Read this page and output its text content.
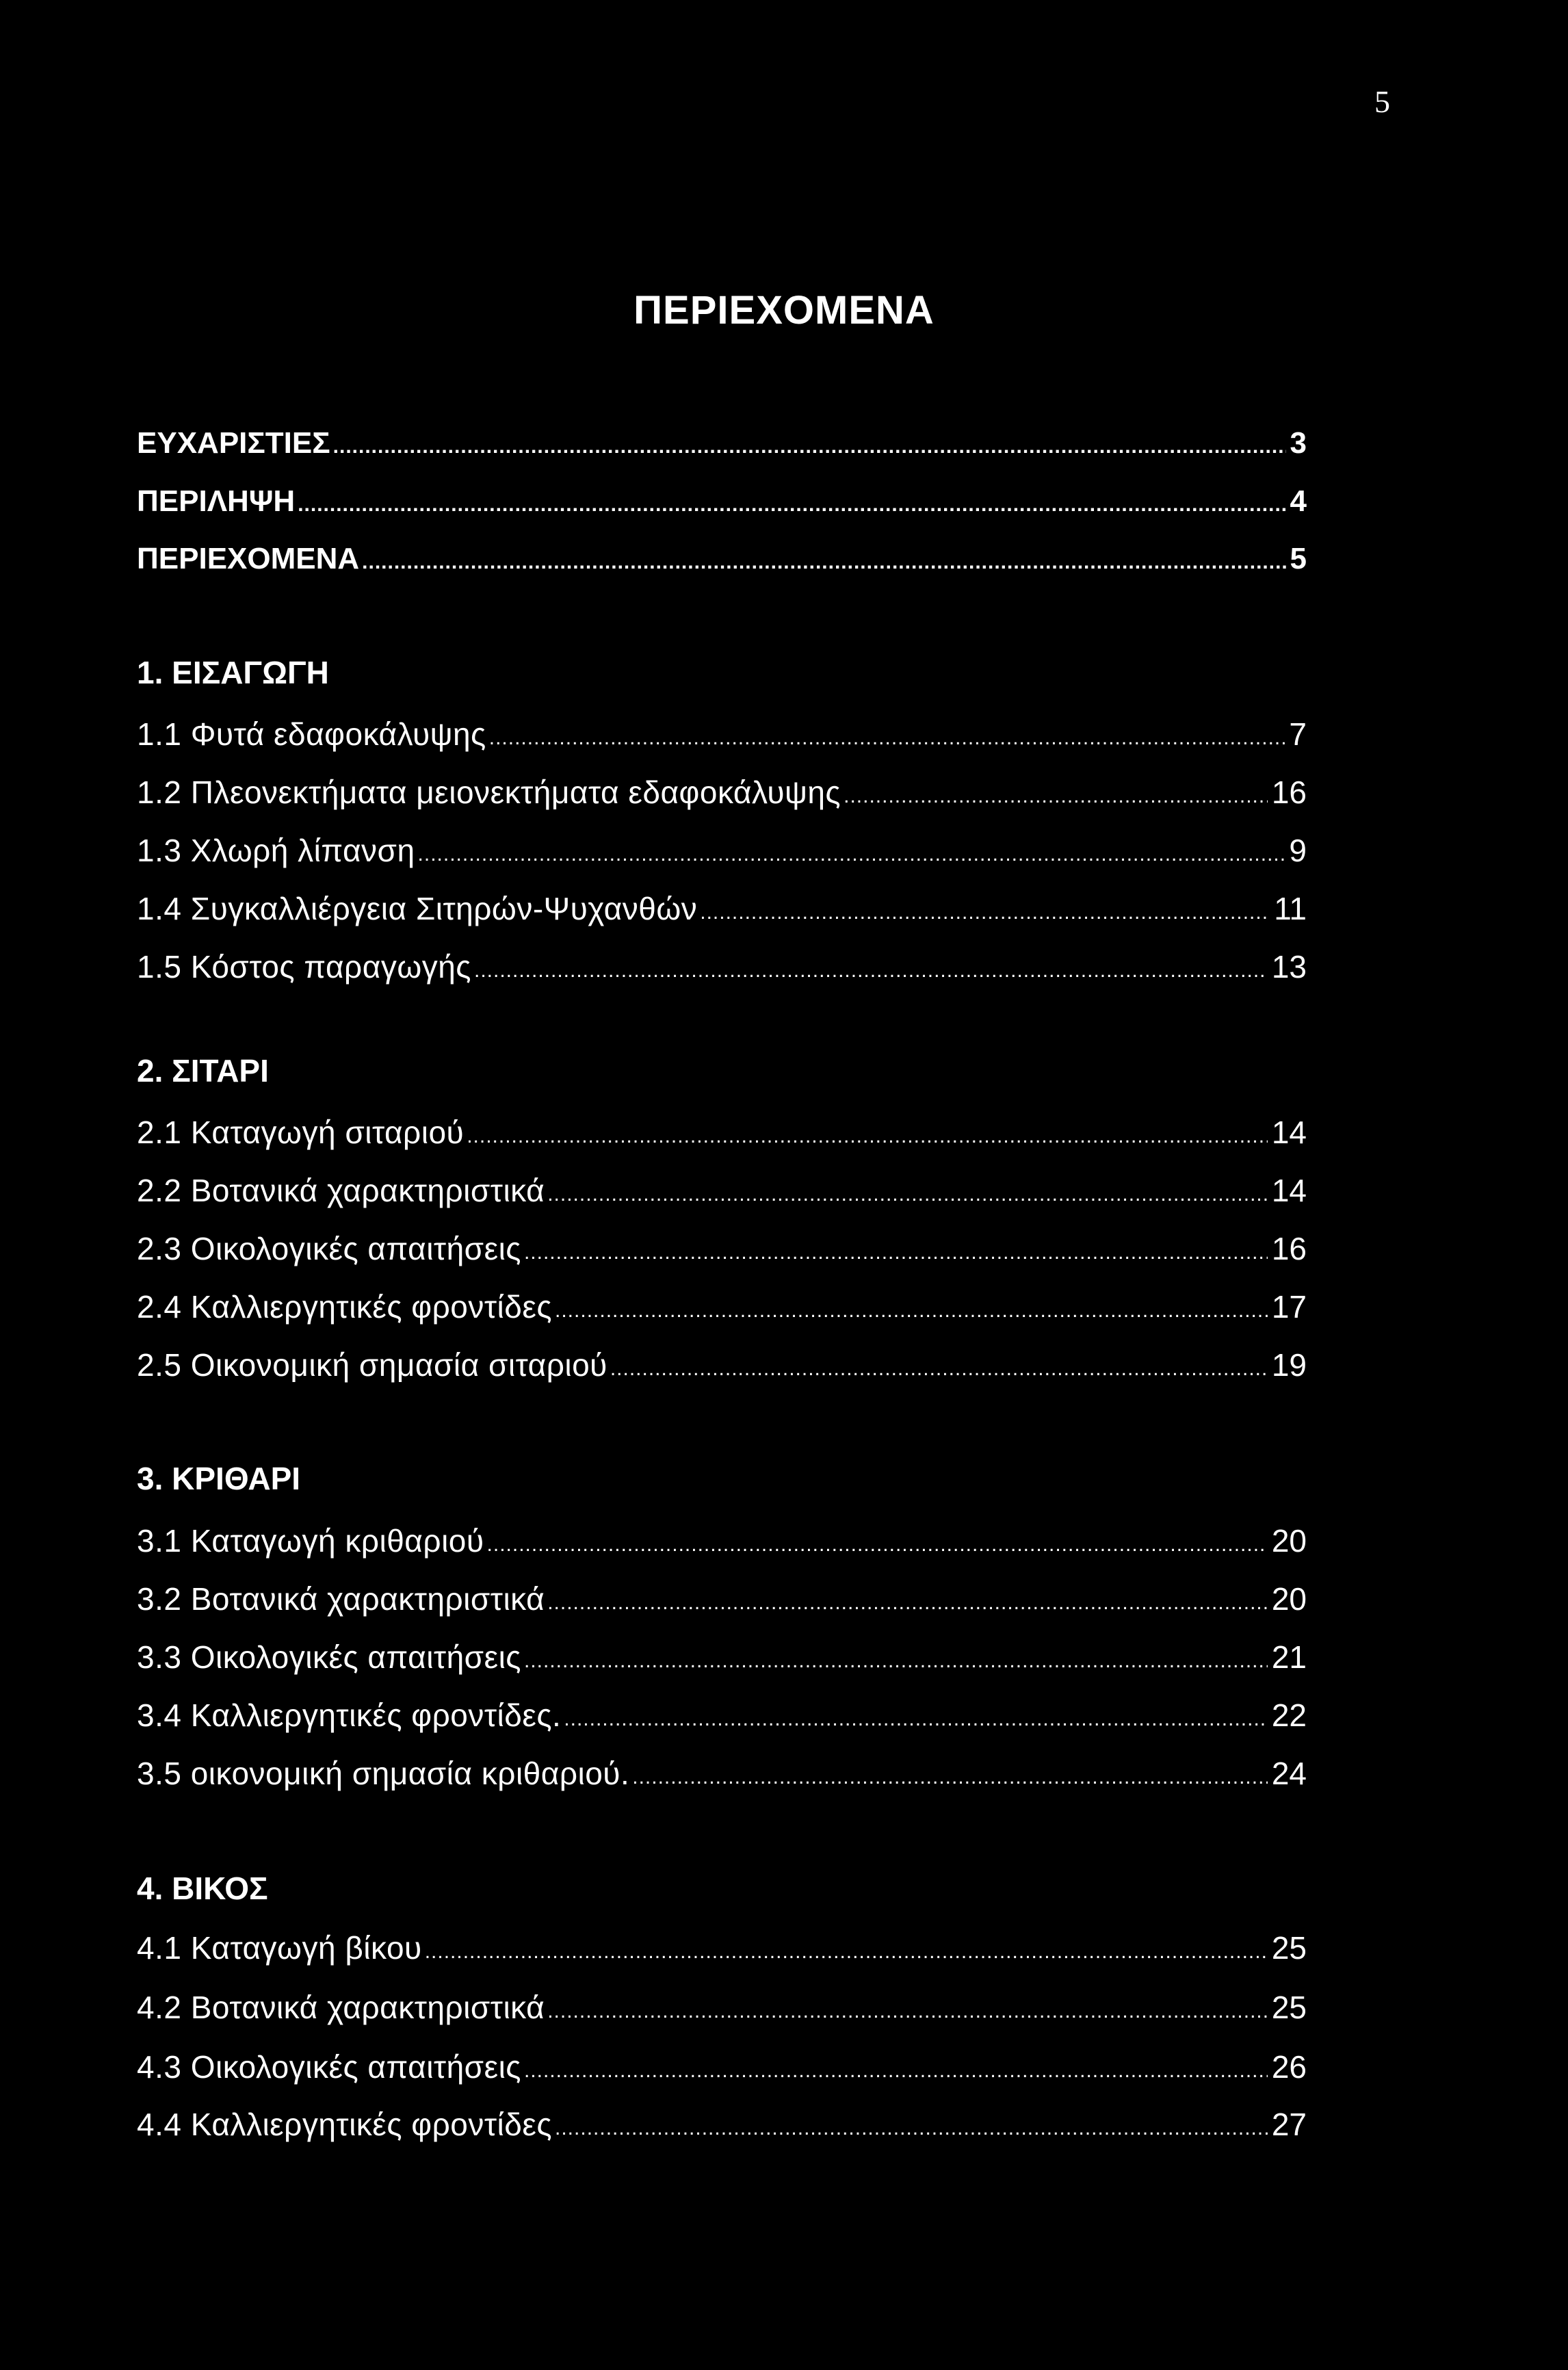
5
ΠΕΡΙΕΧΟΜΕΝΑ
ΕΥΧΑΡΙΣΤΙΕΣ .....	3
ΠΕΡΙΛΗΨΗ .....	4
ΠΕΡΙΕΧΟΜΕΝΑ .....	5
1. ΕΙΣΑΓΩΓΗ
1.1 Φυτά εδαφοκάλυψης .....	7
1.2 Πλεονεκτήματα μειονεκτήματα εδαφοκάλυψης .....	16
1.3 Χλωρή λίπανση .....	9
1.4 Συγκαλλιέργεια Σιτηρών-Ψυχανθών .....	11
1.5 Κόστος παραγωγής .....	13
2. ΣΙΤΑΡΙ
2.1 Καταγωγή σιταριού .....	14
2.2 Βοτανικά χαρακτηριστικά .....	14
2.3 Οικολογικές απαιτήσεις .....	16
2.4 Καλλιεργητικές φροντίδες .....	17
2.5 Οικονομική σημασία σιταριού .....	19
3. ΚΡΙΘΑΡΙ
3.1 Καταγωγή κριθαριού .....	20
3.2 Βοτανικά χαρακτηριστικά .....	20
3.3 Οικολογικές απαιτήσεις .....	21
3.4 Καλλιεργητικές φροντίδες. .....	22
3.5 οικονομική σημασία κριθαριού. .....	24
4. ΒΙΚΟΣ
4.1 Καταγωγή βίκου .....	25
4.2 Βοτανικά χαρακτηριστικά .....	25
4.3 Οικολογικές απαιτήσεις .....	26
4.4 Καλλιεργητικές φροντίδες .....	27
